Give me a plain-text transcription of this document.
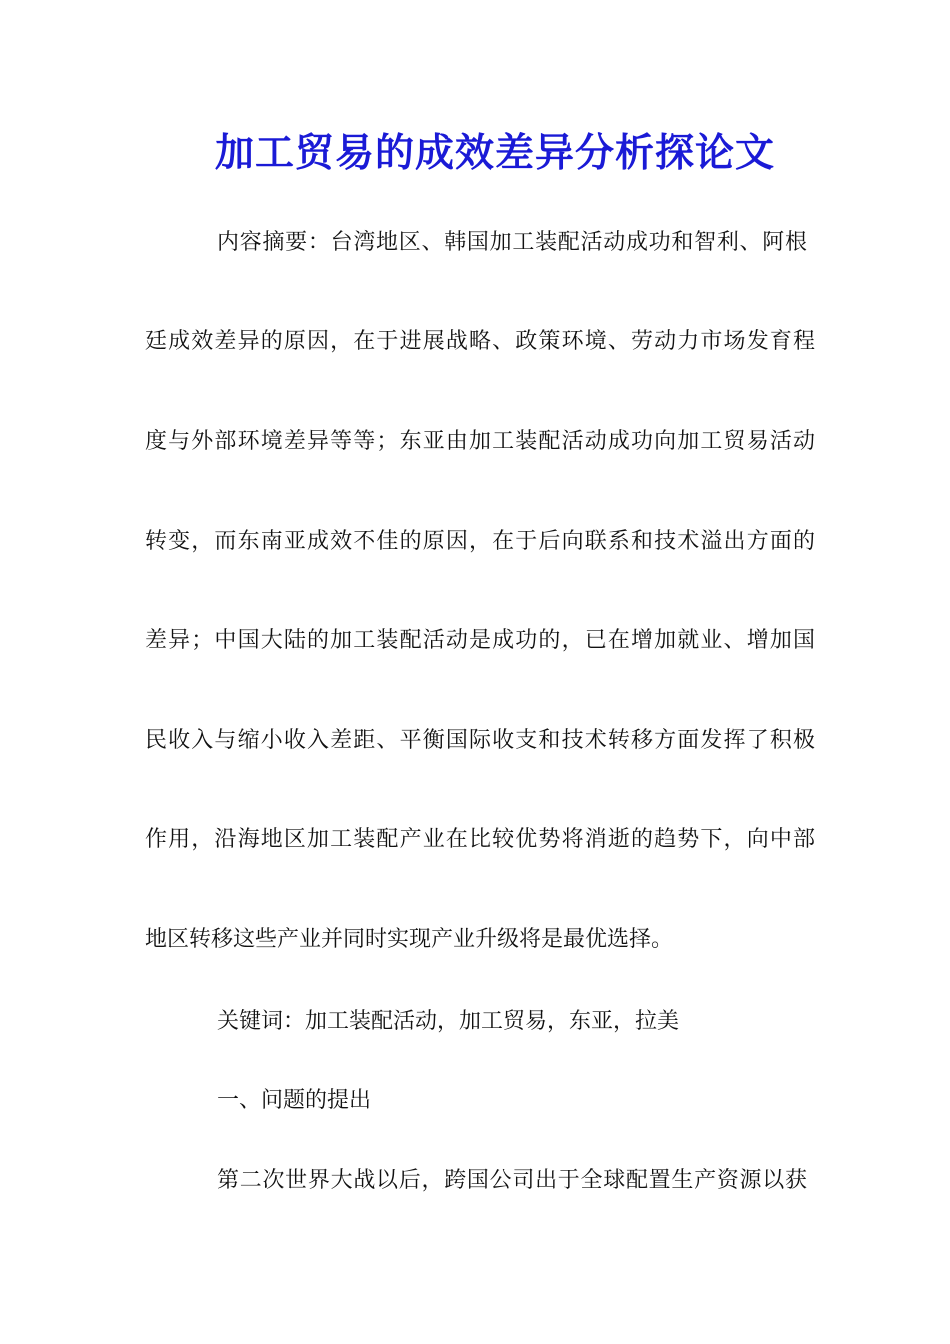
加工贸易的成效差异分析探论文
内容摘要：台湾地区、韩国加工装配活动成功和智利、阿根
廷成效差异的原因，在于进展战略、政策环境、劳动力市场发育程
度与外部环境差异等等；东亚由加工装配活动成功向加工贸易活动
转变，而东南亚成效不佳的原因，在于后向联系和技术溢出方面的
差异；中国大陆的加工装配活动是成功的，已在增加就业、增加国
民收入与缩小收入差距、平衡国际收支和技术转移方面发挥了积极
作用，沿海地区加工装配产业在比较优势将消逝的趋势下，向中部
地区转移这些产业并同时实现产业升级将是最优选择。
关键词：加工装配活动，加工贸易，东亚，拉美
一、问题的提出
第二次世界大战以后，跨国公司出于全球配置生产资源以获
